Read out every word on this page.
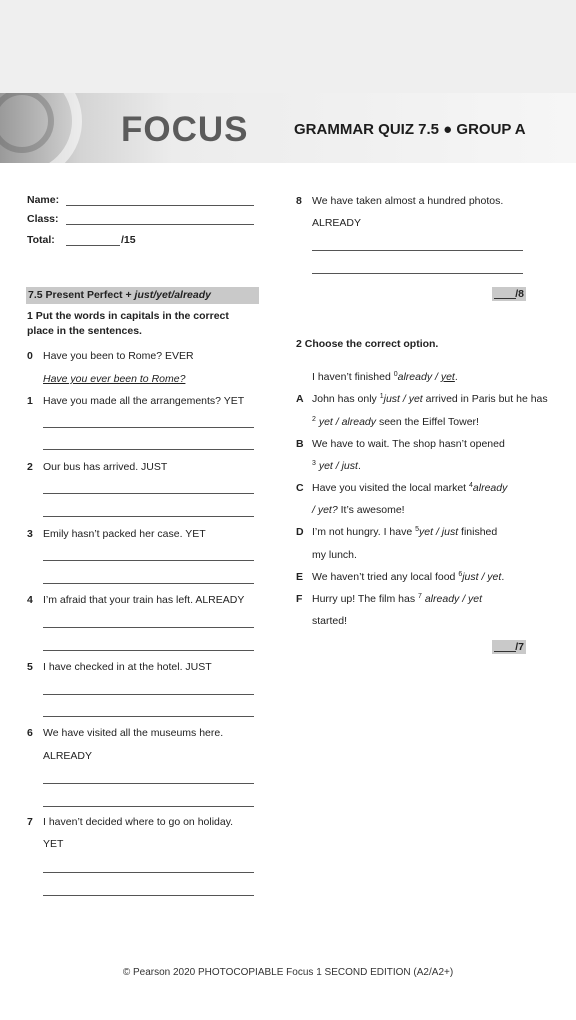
FOCUS	GRAMMAR QUIZ 7.5 ● GROUP A
Name:
Class:
Total:	/15
7.5 Present Perfect + just/yet/already
1 Put the words in capitals in the correct
place in the sentences.
0 Have you been to Rome? EVER
Have you ever been to Rome?
1 Have you made all the arrangements? YET
2 Our bus has arrived. JUST
3 Emily hasn’t packed her case. YET
4 I’m afraid that your train has left. ALREADY
5 I have checked in at the hotel. JUST
6 We have visited all the museums here.
ALREADY
7 I haven’t decided where to go on holiday.
YET
8 We have taken almost a hundred photos.
ALREADY
/8
2 Choose the correct option.
I haven’t finished $^0$already / yet.
A John has only $^1$just / yet arrived in Paris but he has
$^2$ yet / already seen the Eiffel Tower!
B We have to wait. The shop hasn’t opened
$^3$ yet / just.
C Have you visited the local market $^4$already
/ yet? It’s awesome!
D I’m not hungry. I have $^5$yet / just finished
my lunch.
E We haven’t tried any local food $^6$just / yet.
F Hurry up! The film has $^7$ already / yet
started!
/7
© Pearson 2020 PHOTOCOPIABLE Focus 1 SECOND EDITION (A2/A2+)
